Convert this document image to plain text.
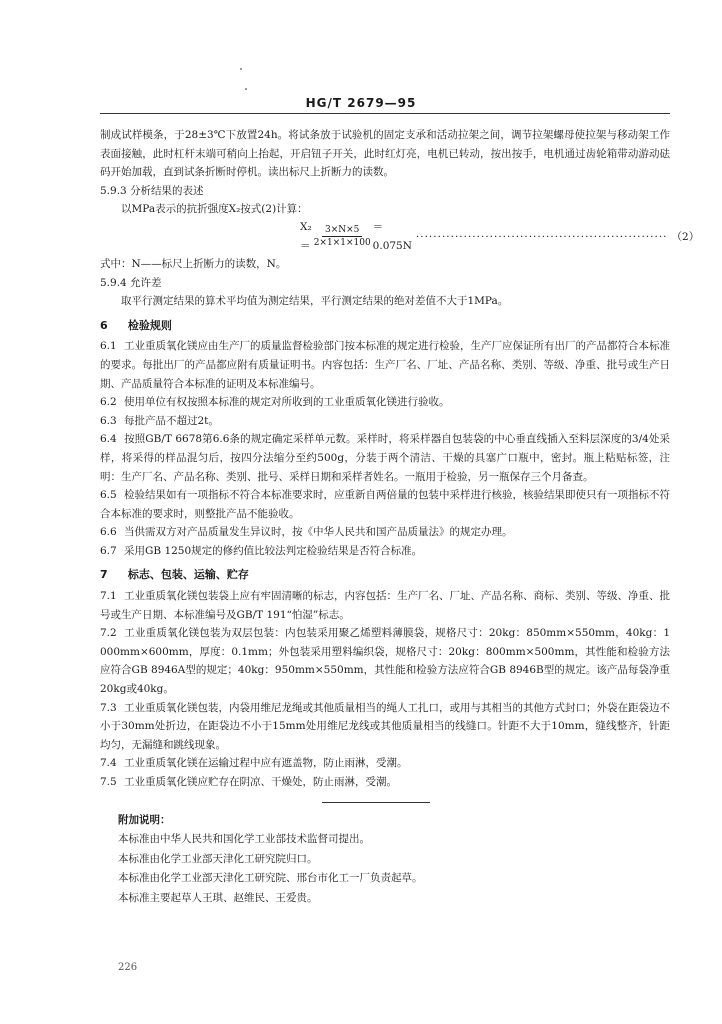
HG/T 2679—95

制成试样模条，于28±3℃下放置24h。将试条放于试验机的固定支承和活动拉架之间，调节拉架螺母使拉架与移动架工作表面接触，此时杠杆末端可稍向上抬起，开启钮子开关，此时红灯亮，电机已转动，按出按手，电机通过齿轮箱带动游动砝码开始加载，直到试条折断时停机。读出标尺上折断力的读数。

5.9.3 分析结果的表述

以MPa表示的抗折强度X₂按式(2)计算：

$X_2= \frac{3\times N\times 5}{2\times 1\times 1\times 100} =0.075N$
·························································· （2）

式中：N——标尺上折断力的读数，N。

5.9.4 允许差

取平行测定结果的算术平均值为测定结果，平行测定结果的绝对差值不大于1MPa。

6 检验规则

6.1 工业重质氧化镁应由生产厂的质量监督检验部门按本标准的规定进行检验，生产厂应保证所有出厂的产品都符合本标准的要求。每批出厂的产品都应附有质量证明书。内容包括：生产厂名、厂址、产品名称、类别、等级、净重、批号或生产日期、产品质量符合本标准的证明及本标准编号。

6.2 使用单位有权按照本标准的规定对所收到的工业重质氧化镁进行验收。

6.3 每批产品不超过2t。

6.4 按照GB/T 6678第6.6条的规定确定采样单元数。采样时，将采样器自包装袋的中心垂直线插入至料层深度的3/4处采样，将采得的样品混匀后，按四分法缩分至约500g，分装于两个清洁、干燥的具塞广口瓶中，密封。瓶上粘贴标签，注明：生产厂名、产品名称、类别、批号、采样日期和采样者姓名。一瓶用于检验，另一瓶保存三个月备查。

6.5 检验结果如有一项指标不符合本标准要求时，应重新自两倍量的包装中采样进行核验，核验结果即使只有一项指标不符合本标准的要求时，则整批产品不能验收。

6.6 当供需双方对产品质量发生异议时，按《中华人民共和国产品质量法》的规定办理。

6.7 采用GB 1250规定的修约值比较法判定检验结果是否符合标准。

7 标志、包装、运输、贮存

7.1 工业重质氧化镁包装袋上应有牢固清晰的标志，内容包括：生产厂名、厂址、产品名称、商标、类别、等级、净重、批号或生产日期、本标准编号及GB/T 191“怕湿”标志。

7.2 工业重质氧化镁包装为双层包装：内包装采用聚乙烯塑料薄膜袋，规格尺寸：20kg：850mm×550mm，40kg：1 000mm×600mm，厚度：0.1mm；外包装采用塑料编织袋，规格尺寸：20kg：800mm×500mm，其性能和检验方法应符合GB 8946A型的规定；40kg：950mm×550mm，其性能和检验方法应符合GB 8946B型的规定。该产品每袋净重20kg或40kg。

7.3 工业重质氧化镁包装，内袋用维尼龙绳或其他质量相当的绳人工扎口，或用与其相当的其他方式封口；外袋在距袋边不小于30mm处折边，在距袋边不小于15mm处用维尼龙线或其他质量相当的线缝口。针距不大于10mm，缝线整齐，针距均匀，无漏缝和跳线现象。

7.4 工业重质氧化镁在运输过程中应有遮盖物，防止雨淋，受潮。

7.5 工业重质氧化镁应贮存在阴凉、干燥处，防止雨淋，受潮。

附加说明：
本标准由中华人民共和国化学工业部技术监督司提出。
本标准由化学工业部天津化工研究院归口。
本标准由化学工业部天津化工研究院、邢台市化工一厂负责起草。
本标准主要起草人王琪、赵维民、王爱贵。
226
